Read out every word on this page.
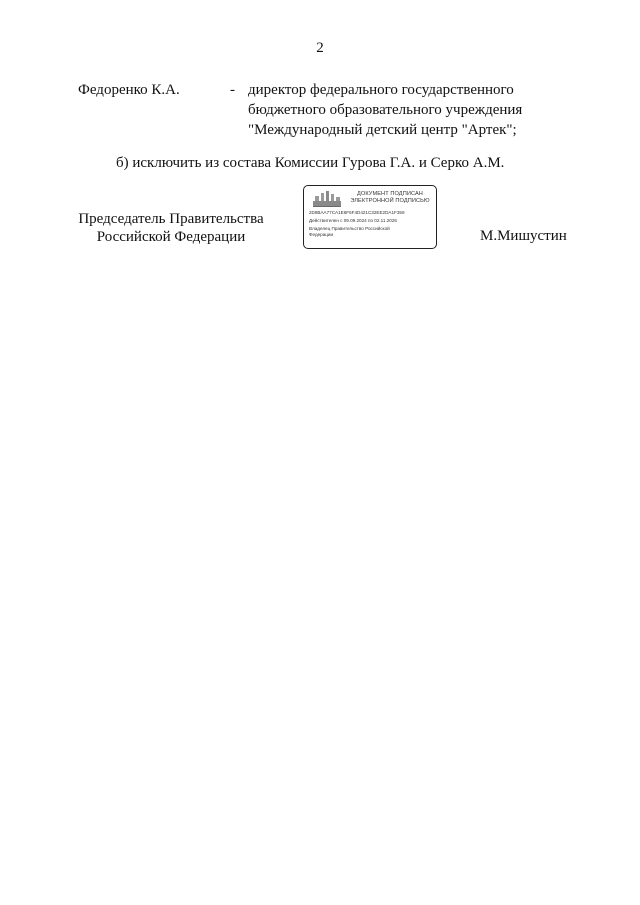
2
Федоренко К.А.	- директор федерального государственного
бюджетного образовательного учреждения
"Международный детский центр "Артек";
б) исключить из состава Комиссии Гурова Г.А. и Серко А.М.
Председатель Правительства
Российской Федерации
ДОКУМЕНТ ПОДПИСАН
ЭЛЕКТРОННОЙ ПОДПИСЬЮ
2D8BAA77CA1E6F6F4D421C32EE2DA1F359
Действителен с 09.09.2024 по 02.11.2026
Владелец Правительство Российской
Федерации	М.Мишустин
